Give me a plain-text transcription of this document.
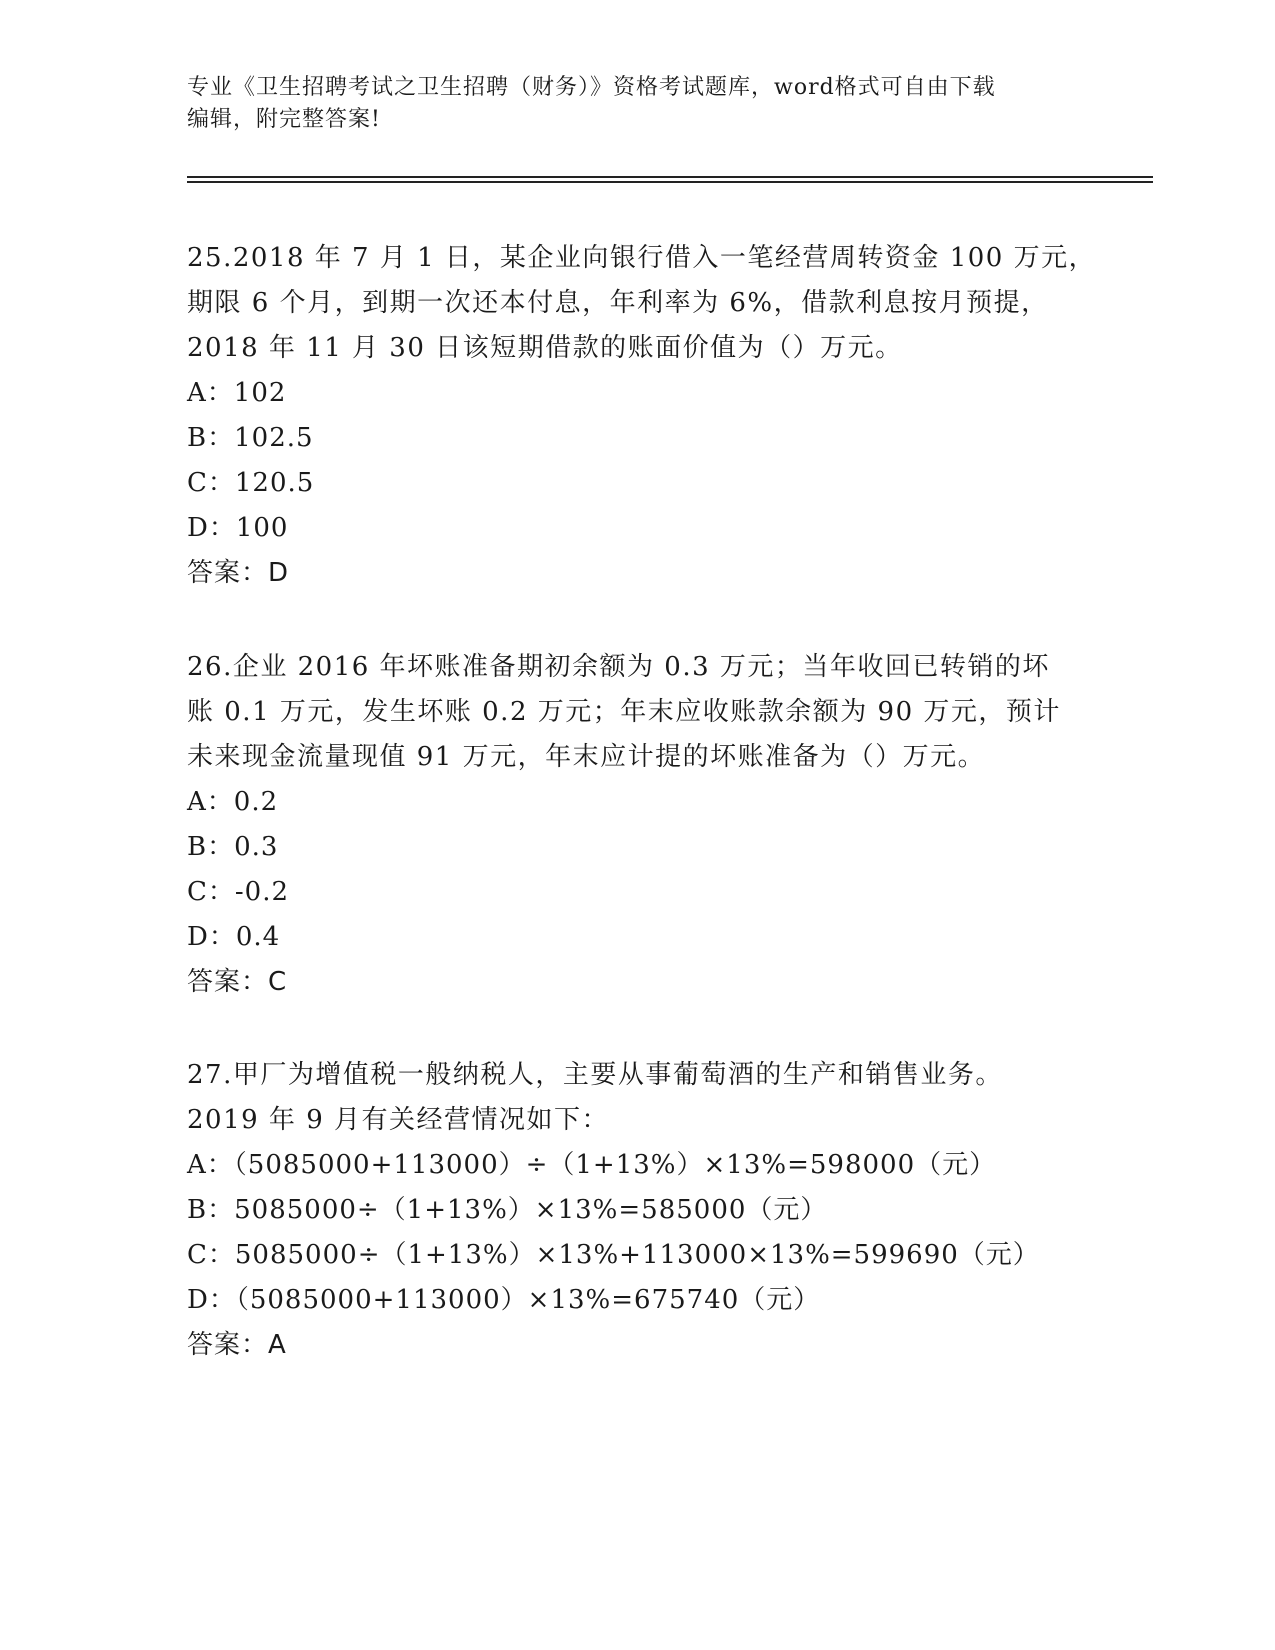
专业《卫生招聘考试之卫生招聘（财务）》资格考试题库，word格式可自由下载
编辑，附完整答案!
25.2018 年 7 月 1 日，某企业向银行借入一笔经营周转资金 100 万元，
期限 6 个月，到期一次还本付息，年利率为 6%，借款利息按月预提，
2018 年 11 月 30 日该短期借款的账面价值为（）万元。
A：102
B：102.5
C：120.5
D：100
答案：D
26.企业 2016 年坏账准备期初余额为 0.3 万元；当年收回已转销的坏
账 0.1 万元，发生坏账 0.2 万元；年末应收账款余额为 90 万元，预计
未来现金流量现值 91 万元，年末应计提的坏账准备为（）万元。
A：0.2
B：0.3
C：-0.2
D：0.4
答案：C
27.甲厂为增值税一般纳税人，主要从事葡萄酒的生产和销售业务。
2019 年 9 月有关经营情况如下：
A：（5085000+113000）÷（1+13%）×13%=598000（元）
B：5085000÷（1+13%）×13%=585000（元）
C：5085000÷（1+13%）×13%+113000×13%=599690（元）
D：（5085000+113000）×13%=675740（元）
答案：A
